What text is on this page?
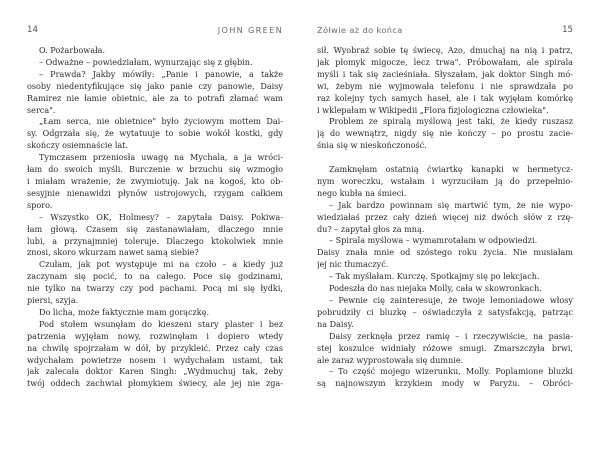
14	JOHN GREEN
O. Pożarbowała.
– Odważne – powiedziałam, wynurzając się z głębin.
– Prawda? Jakby mówiły: „Panie i panowie, a także
osoby niedentyfikujące się jako panie czy panowie, Daisy
Ramirez nie łamie obietnic, ale za to potrafi złamać wam
serca".
„Łam serca, nie obietnice" było życiowym mottem Dai-
sy. Odgrzała się, że wytatuuje to sobie wokół kostki, gdy
skończy osiemnaście lat.
Tymczasem przeniosła uwagę na Mychala, a ja wróci-
łam do swoich myśli. Burczenie w brzuchu się wzmogło
i miałam wrażenie, że zwymiotuję. Jak na kogoś, kto ob-
sesyjnie nienawidzi płynów ustrojowych, rzygam całkiem
sporo.
– Wszystko OK, Holmesy? – zapytała Daisy. Pokiwa-
łam głową. Czasem się zastanawiałam, dlaczego mnie
lubi, a przynajmniej toleruje. Dlaczego ktokolwiek mnie
znosi, skoro wkurzam nawet samą siebie?
Czułam, jak pot występuje mi na czoło – a kiedy już
zaczynam się pocić, to na całego. Poce się godzinami,
nie tylko na twarzy czy pod pachami. Pocą mi się łydki,
piersi, szyja.
Do licha, może faktycznie mam gorączkę.
Pod stołem wsunęłam do kieszeni stary plaster i bez
patrzenia wyjęłam nowy, rozwinęłam i dopiero wtedy
na chwilę spojrzałam w dół, by przykleić. Przez cały czas
wdychałam powietrze nosem i wydychałam ustami, tak
jak zalecała doktor Karen Singh: „Wydmuchuj tak, żeby
twój oddech zachwiał płomykiem świecy, ale jej nie zga-
Żółwie aż do końca	15
sił. Wyobraź sobie tę świecę, Azo, dmuchaj na nią i patrz,
jak płomyk migocze, lecz trwa". Próbowałam, ale spirala
myśli i tak się zacieśniała. Słyszałam, jak doktor Singh mó-
wi, żebym nie wyjmowała telefonu i nie sprawdzała po
raz kolejny tych samych haseł, ale i tak wyjęłam komórkę
i wklepałam w Wikipedii „Flora fizjologiczna człowieka".
Problem ze spiralą myślową jest taki, że kiedy ruszasz
ją do wewnątrz, nigdy się nie kończy – po prostu zacie-
śnia się w nieskończoność.
Zamknęłam ostatnią ćwiartkę kanapki w hermetycz-
nym woreczku, wstałam i wyrzuciłam ją do przepełnio-
nego kubła na śmieci.
– Jak bardzo powinnam się martwić tym, że nie wypo-
wiedziałaś przez cały dzień więcej niż dwóch słów z rzę-
du? – zapytał głos za mną.
– Spirala myślowa – wymamrotałam w odpowiedzi.
Daisy znała mnie od szóstego roku życia. Nie musiałam
jej nic tłumaczyć.
– Tak myślałam. Kurczę. Spotkajmy się po lekcjach.
Podeszła do nas niejaka Molly, cała w skowronkach.
– Pewnie cię zainteresuje, że twoje lemoniadowe włosy
pobrudziły ci bluzkę – oświadczyła z satysfakcją, patrząc
na Daisy.
Daisy zerknęła przez ramię – i rzeczywiście, na pasia-
stej koszulce widniały różowe smugi. Zmarszczyła brwi,
ale zaraz wyprostowała się dumnie.
– To część mojego wizerunku, Molly. Poplamione bluzki
są najnowszym krzykiem mody w Paryżu. – Obróci-
